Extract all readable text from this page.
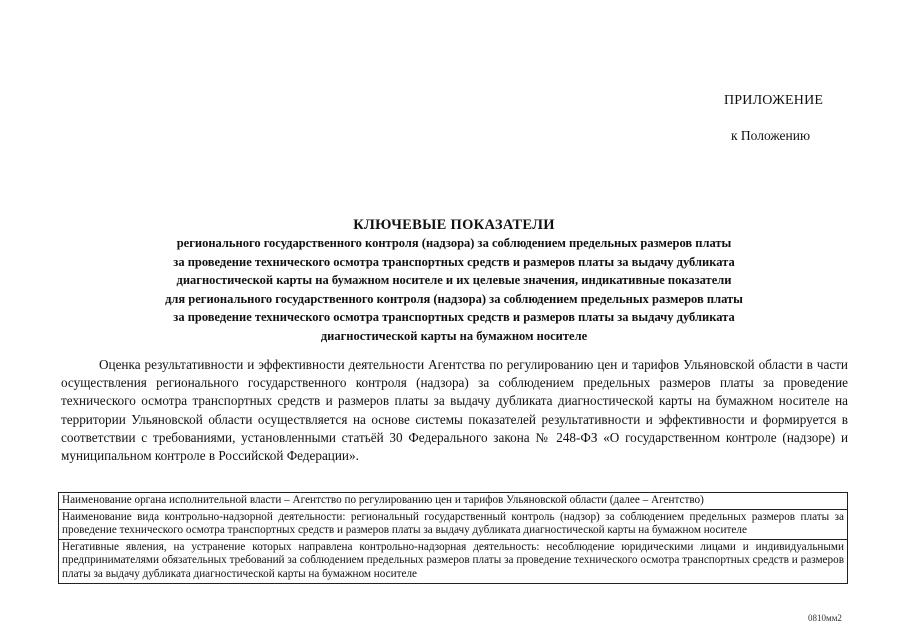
ПРИЛОЖЕНИЕ
к Положению
КЛЮЧЕВЫЕ ПОКАЗАТЕЛИ
регионального государственного контроля (надзора) за соблюдением предельных размеров платы
за проведение технического осмотра транспортных средств и размеров платы за выдачу дубликата
диагностической карты на бумажном носителе и их целевые значения, индикативные показатели
для регионального государственного контроля (надзора) за соблюдением предельных размеров платы
за проведение технического осмотра транспортных средств и размеров платы за выдачу дубликата
диагностической карты на бумажном носителе

Оценка результативности и эффективности деятельности Агентства по регулированию цен и тарифов Ульяновской области в части осуществления регионального государственного контроля (надзора) за соблюдением предельных размеров платы за проведение технического осмотра транспортных средств и размеров платы за выдачу дубликата диагностической карты на бумажном носителе на территории Ульяновской области осуществляется на основе системы показателей результативности и эффективности и формируется в соответствии с требованиями, установленными статьёй 30 Федерального закона № 248-ФЗ «О государственном контроле (надзоре) и муниципальном контроле в Российской Федерации».

Наименование органа исполнительной власти – Агентство по регулированию цен и тарифов Ульяновской области (далее – Агентство)
Наименование вида контрольно-надзорной деятельности: региональный государственный контроль (надзор) за соблюдением предельных размеров платы за проведение технического осмотра транспортных средств и размеров платы за выдачу дубликата диагностической карты на бумажном носителе
Негативные явления, на устранение которых направлена контрольно-надзорная деятельность: несоблюдение юридическими лицами и индивидуальными предпринимателями обязательных требований за соблюдением предельных размеров платы за проведение технического осмотра транспортных средств и размеров платы за выдачу дубликата диагностической карты на бумажном носителе
0810мм2
